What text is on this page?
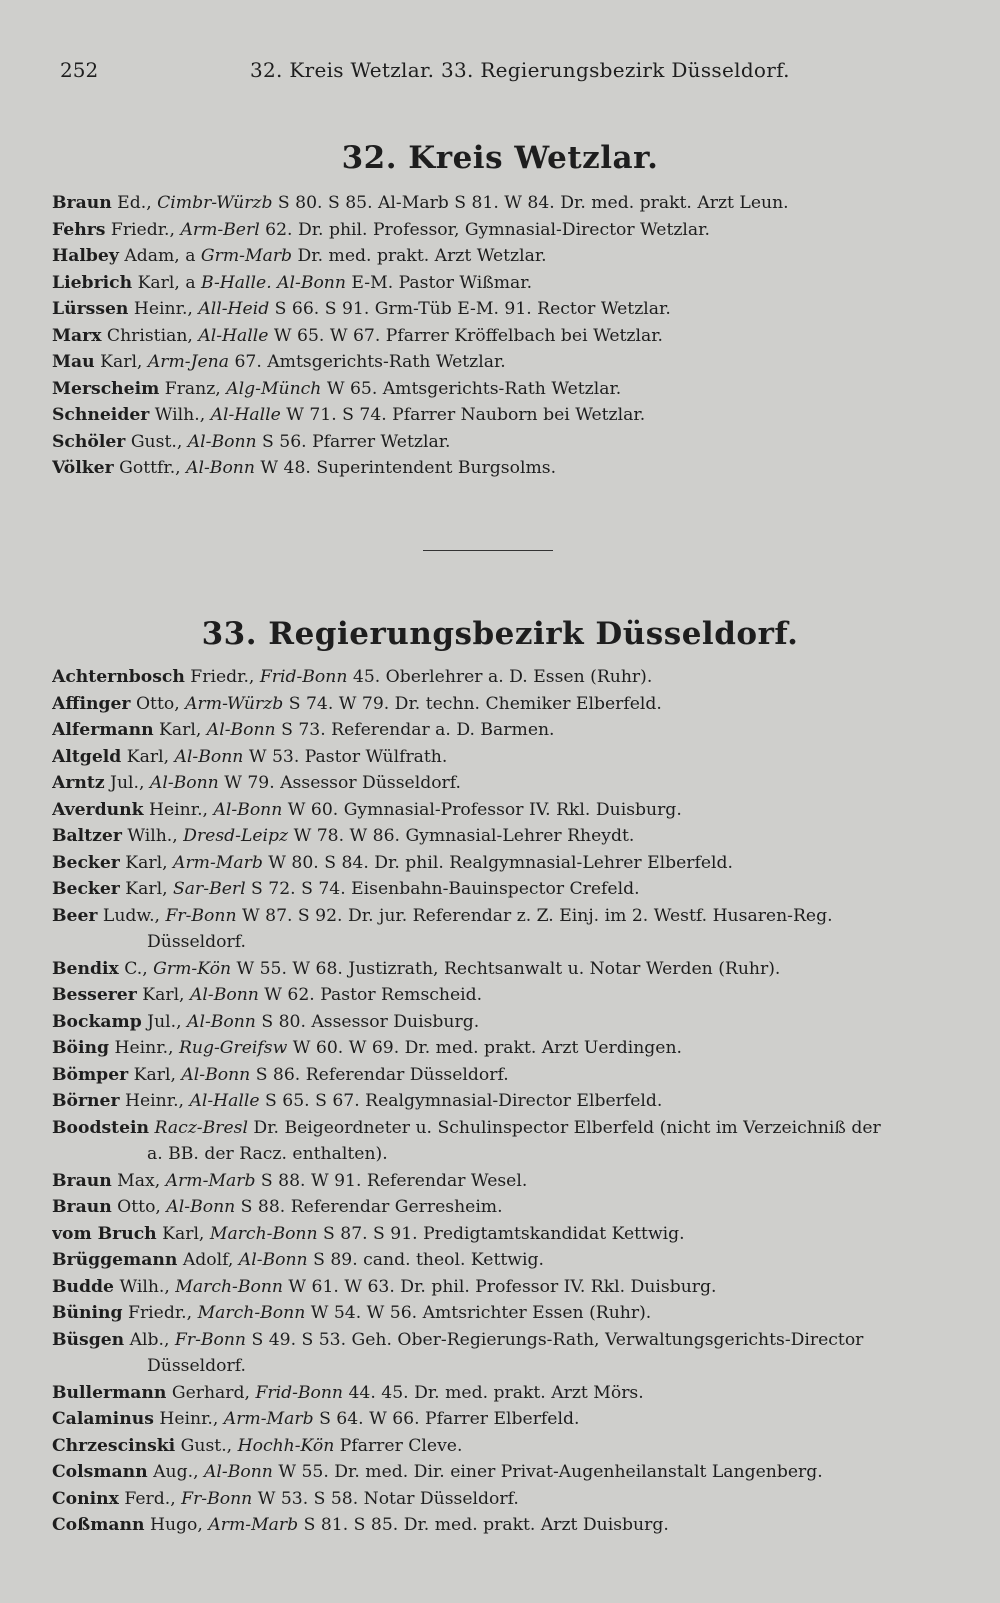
252	32. Kreis Wetzlar. 33. Regierungsbezirk Düsseldorf.
32. Kreis Wetzlar.
Braun Ed., Cimbr-Würzb S 80. S 85. Al-Marb S 81. W 84. Dr. med. prakt. Arzt Leun.
Fehrs Friedr., Arm-Berl 62. Dr. phil. Professor, Gymnasial-Director Wetzlar.
Halbey Adam, a Grm-Marb Dr. med. prakt. Arzt Wetzlar.
Liebrich Karl, a B-Halle. Al-Bonn E-M. Pastor Wißmar.
Lürssen Heinr., All-Heid S 66. S 91. Grm-Tüb E-M. 91. Rector Wetzlar.
Marx Christian, Al-Halle W 65. W 67. Pfarrer Kröffelbach bei Wetzlar.
Mau Karl, Arm-Jena 67. Amtsgerichts-Rath Wetzlar.
Merscheim Franz, Alg-Münch W 65. Amtsgerichts-Rath Wetzlar.
Schneider Wilh., Al-Halle W 71. S 74. Pfarrer Nauborn bei Wetzlar.
Schöler Gust., Al-Bonn S 56. Pfarrer Wetzlar.
Völker Gottfr., Al-Bonn W 48. Superintendent Burgsolms.
33. Regierungsbezirk Düsseldorf.
Achternbosch Friedr., Frid-Bonn 45. Oberlehrer a. D. Essen (Ruhr).
Affinger Otto, Arm-Würzb S 74. W 79. Dr. techn. Chemiker Elberfeld.
Alfermann Karl, Al-Bonn S 73. Referendar a. D. Barmen.
Altgeld Karl, Al-Bonn W 53. Pastor Wülfrath.
Arntz Jul., Al-Bonn W 79. Assessor Düsseldorf.
Averdunk Heinr., Al-Bonn W 60. Gymnasial-Professor IV. Rkl. Duisburg.
Baltzer Wilh., Dresd-Leipz W 78. W 86. Gymnasial-Lehrer Rheydt.
Becker Karl, Arm-Marb W 80. S 84. Dr. phil. Realgymnasial-Lehrer Elberfeld.
Becker Karl, Sar-Berl S 72. S 74. Eisenbahn-Bauinspector Crefeld.
Beer Ludw., Fr-Bonn W 87. S 92. Dr. jur. Referendar z. Z. Einj. im 2. Westf. Husaren-Reg.
Düsseldorf.
Bendix C., Grm-Kön W 55. W 68. Justizrath, Rechtsanwalt u. Notar Werden (Ruhr).
Besserer Karl, Al-Bonn W 62. Pastor Remscheid.
Bockamp Jul., Al-Bonn S 80. Assessor Duisburg.
Böing Heinr., Rug-Greifsw W 60. W 69. Dr. med. prakt. Arzt Uerdingen.
Bömper Karl, Al-Bonn S 86. Referendar Düsseldorf.
Börner Heinr., Al-Halle S 65. S 67. Realgymnasial-Director Elberfeld.
Boodstein Racz-Bresl Dr. Beigeordneter u. Schulinspector Elberfeld (nicht im Verzeichniß der
a. BB. der Racz. enthalten).
Braun Max, Arm-Marb S 88. W 91. Referendar Wesel.
Braun Otto, Al-Bonn S 88. Referendar Gerresheim.
vom Bruch Karl, March-Bonn S 87. S 91. Predigtamtskandidat Kettwig.
Brüggemann Adolf, Al-Bonn S 89. cand. theol. Kettwig.
Budde Wilh., March-Bonn W 61. W 63. Dr. phil. Professor IV. Rkl. Duisburg.
Büning Friedr., March-Bonn W 54. W 56. Amtsrichter Essen (Ruhr).
Büsgen Alb., Fr-Bonn S 49. S 53. Geh. Ober-Regierungs-Rath, Verwaltungsgerichts-Director
Düsseldorf.
Bullermann Gerhard, Frid-Bonn 44. 45. Dr. med. prakt. Arzt Mörs.
Calaminus Heinr., Arm-Marb S 64. W 66. Pfarrer Elberfeld.
Chrzescinski Gust., Hochh-Kön Pfarrer Cleve.
Colsmann Aug., Al-Bonn W 55. Dr. med. Dir. einer Privat-Augenheilanstalt Langenberg.
Coninx Ferd., Fr-Bonn W 53. S 58. Notar Düsseldorf.
Coßmann Hugo, Arm-Marb S 81. S 85. Dr. med. prakt. Arzt Duisburg.
